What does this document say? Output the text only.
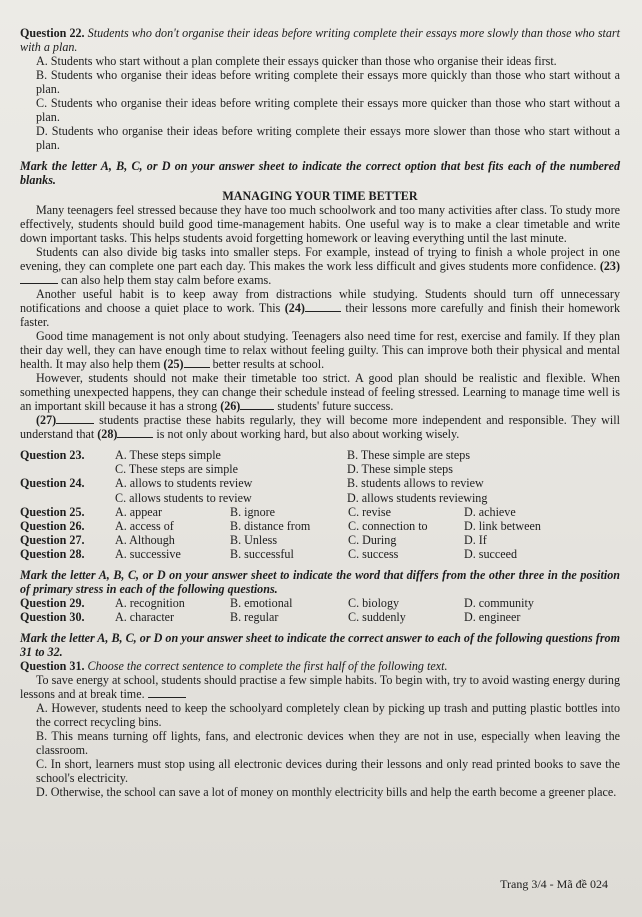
Question 22. Students who don't organise their ideas before writing complete their essays more slowly than those who start with a plan.

A. Students who start without a plan complete their essays quicker than those who organise their ideas first.

B. Students who organise their ideas before writing complete their essays more quickly than those who start without a plan.

C. Students who organise their ideas before writing complete their essays more quicker than those who start without a plan.

D. Students who organise their ideas before writing complete their essays more slower than those who start without a plan.

Mark the letter A, B, C, or D on your answer sheet to indicate the correct option that best fits each of the numbered blanks.

MANAGING YOUR TIME BETTER

Many teenagers feel stressed because they have too much schoolwork and too many activities after class. To study more effectively, students should build good time-management habits. One useful way is to make a clear timetable and write down important tasks. This helps students avoid forgetting homework or leaving everything until the last minute.

Students can also divide big tasks into smaller steps. For example, instead of trying to finish a whole project in one evening, they can complete one part each day. This makes the work less difficult and gives students more confidence. (23) can also help them stay calm before exams.

Another useful habit is to keep away from distractions while studying. Students should turn off unnecessary notifications and choose a quiet place to work. This (24)	their lessons more carefully and finish their homework faster.

Good time management is not only about studying. Teenagers also need time for rest, exercise and family. If they plan their day well, they can have enough time to relax without feeling guilty. This can improve both their physical and mental health. It may also help them (25) better results at school.

However, students should not make their timetable too strict. A good plan should be realistic and flexible. When something unexpected happens, they can change their schedule instead of feeling stressed. Learning to manage time well is an important skill because it has a strong (26)	students' future success.

(27)	students practise these habits regularly, they will become more independent and responsible. They will understand that (28)	is not only about working hard, but also about working wisely.

Question 23.	A. These steps simple	B. These simple are steps
C. These steps are simple	D. These simple steps
Question 24.	A. allows to students review	B. students allows to review
C. allows students to review	D. allows students reviewing
Question 25.	A. appear	B. ignore	C. revise	D. achieve
Question 26.	A. access of	B. distance from	C. connection to	D. link between
Question 27.	A. Although	B. Unless	C. During	D. If
Question 28.	A. successive	B. successful	C. success	D. succeed

Mark the letter A, B, C, or D on your answer sheet to indicate the word that differs from the other three in the position of primary stress in each of the following questions.

Question 29.	A. recognition	B. emotional	C. biology	D. community
Question 30.	A. character	B. regular	C. suddenly	D. engineer

Mark the letter A, B, C, or D on your answer sheet to indicate the correct answer to each of the following questions from 31 to 32.

Question 31. Choose the correct sentence to complete the first half of the following text.

To save energy at school, students should practise a few simple habits. To begin with, try to avoid wasting energy during lessons and at break time.

A. However, students need to keep the schoolyard completely clean by picking up trash and putting plastic bottles into the correct recycling bins.

B. This means turning off lights, fans, and electronic devices when they are not in use, especially when leaving the classroom.

C. In short, learners must stop using all electronic devices during their lessons and only read printed books to save the school's electricity.

D. Otherwise, the school can save a lot of money on monthly electricity bills and help the earth become a greener place.

Trang 3/4 - Mã đề 024
